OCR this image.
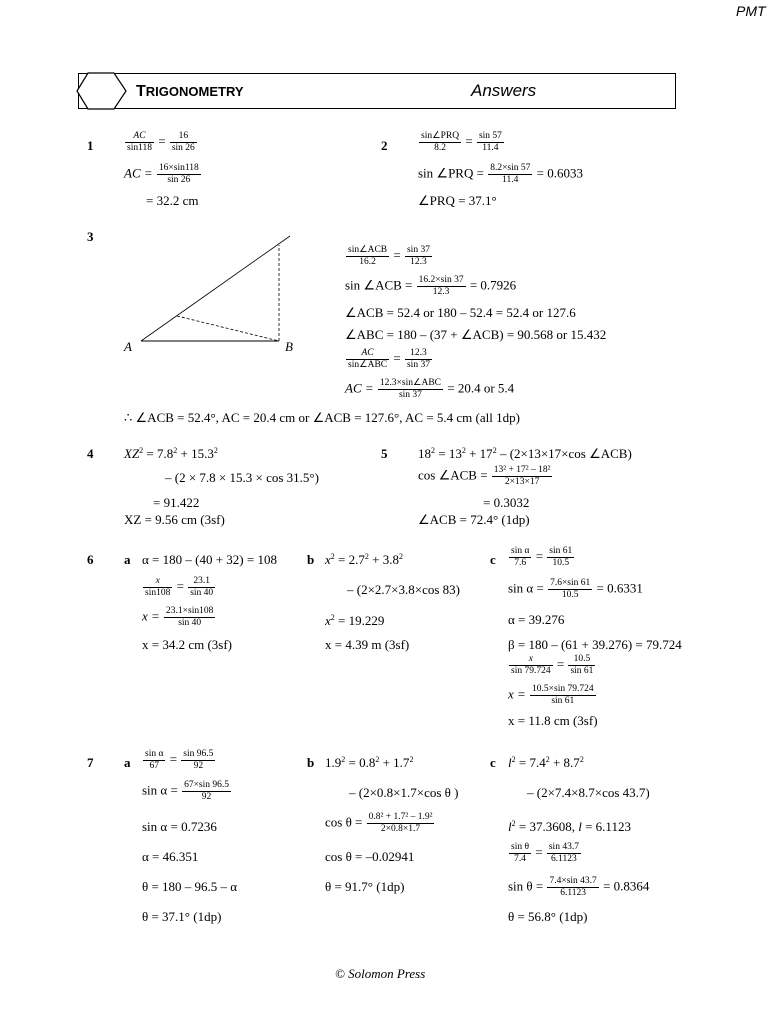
PMT
TRIGONOMETRY	Answers
1	$\frac{AC}{\sin 118} = \frac{16}{\sin 26}$
AC = $\frac{16\times\sin 118}{\sin 26}$
= 32.2 cm
2
sin∠PRQ
8.2	= $\frac{\sin 57}{11.4}$
sin ∠PRQ = $\frac{8.2\times\sin 57}{11.4} = 0.6033$
∠PRQ = 37.1°
3
A	B
sin∠ACB
16.2	= $\frac{\sin 37}{12.3}$
sin ∠ACB = $\frac{16.2\times\sin 37}{12.3} = 0.7926$
∠ACB = 52.4 or 180 – 52.4 = 52.4 or 127.6
∠ABC = 180 – (37 + ∠ACB) = 90.568 or 15.432
AC
sin∠ABC = $\frac{12.3}{\sin 37}$
AC = 12.3×sin∠ABC
sin 37	= 20.4 or 5.4
∴ ∠ACB = 52.4°, AC = 20.4 cm or ∠ACB = 127.6°, AC = 5.4 cm (all 1dp)
4 $XZ^2 = 7.8^2 + 15.3^2$
– (2 × 7.8 × 15.3 × cos 31.5°)
= 91.422
XZ = 9.56 cm (3sf)
5 $18^2 = 13^2 + 17^2 - (2\times 13\times 17\times\cos$ ∠ACB)
cos ∠ACB = $\frac{\text{13² + 17² – 18²}}{2\times 13\times 17}$
= 0.3032
∠ACB = 72.4° (1dp)
6 a α = 180 – (40 + 32) = 108
$\frac{x}{\sin 108} = \frac{23.1}{\sin 40}$
$x = \frac{23.1\times\sin 108}{\sin 40}$
x = 34.2 cm (3sf)
b $x^2 = 2.7^2 + 3.8^2$
– (2×2.7×3.8×cos 83)
$x^2 = 19.229$
x = 4.39 m (3sf)
c $\frac{\text{sin α}}{7.6} = \frac{\sin 61}{10.5}$
$\sin \alpha = \frac{7.6\times\sin 61}{10.5} = 0.6331$
α = 39.276
β = 180 – (61 + 39.276) = 79.724
$\frac{x}{\sin 79.724} = \frac{10.5}{\sin 61}$
$x = \frac{10.5\times\sin 79.724}{\sin 61}$
x = 11.8 cm (3sf)
7 a $\frac{\text{sin α}}{67} = \frac{\sin 96.5}{92}$
$\sin \alpha = \frac{67\times\sin 96.5}{92}$
sin α = 0.7236
α = 46.351
θ = 180 – 96.5 – α
θ = 37.1° (1dp)
b $1.9^2 = 0.8^2 + 1.7^2$
– (2×0.8×1.7×cos θ )
$\cos \theta = \frac{\text{0.8² + 1.7² – 1.9²}}{2\times 0.8\times 1.7}$
cos θ = –0.02941
θ = 91.7° (1dp)
c $l^2 = 7.4^2 + 8.7^2$
– (2×7.4×8.7×cos 43.7)
$l^2 = 37.3608$, l = 6.1123
$\frac{\text{sin θ}}{7.4} = \frac{\sin 43.7}{6.1123}$
$\sin \theta = \frac{7.4\times\sin 43.7}{6.1123} = 0.8364$
θ = 56.8° (1dp)
© Solomon Press
